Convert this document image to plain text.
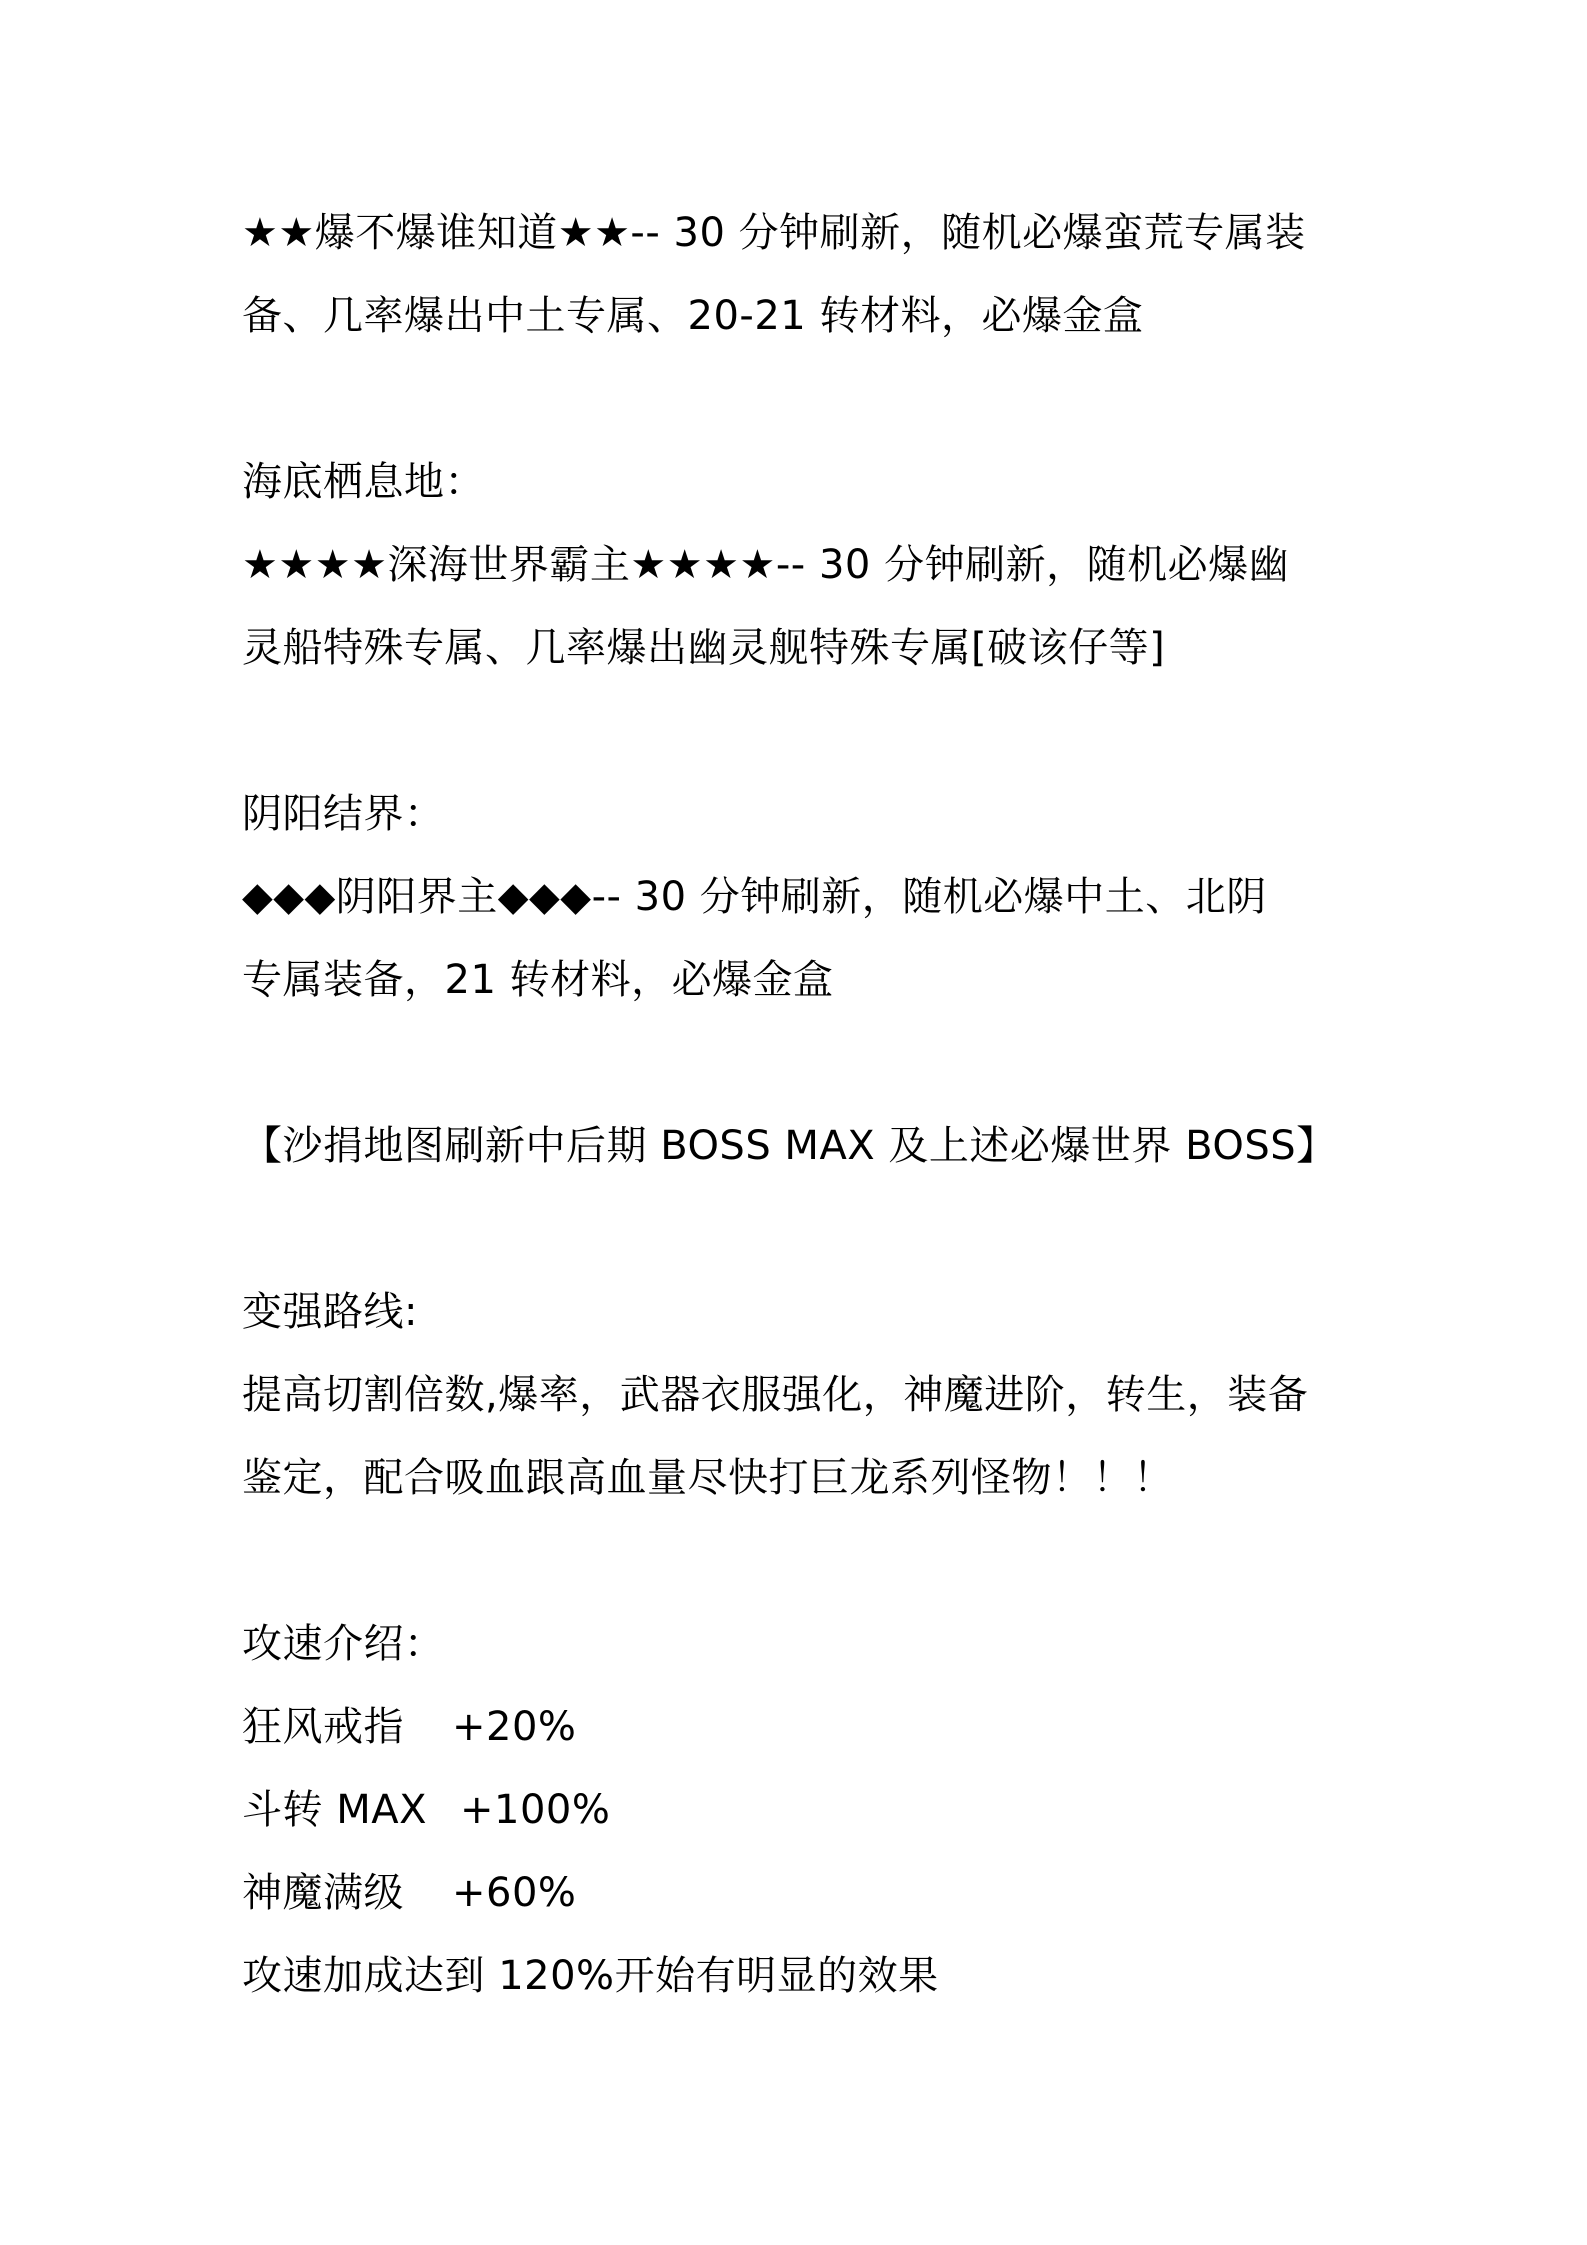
★★爆不爆谁知道★★-- 30 分钟刷新，随机必爆蛮荒专属装
备、几率爆出中土专属、20-21 转材料，必爆金盒
海底栖息地：
★★★★深海世界霸主★★★★-- 30 分钟刷新，随机必爆幽
灵船特殊专属、几率爆出幽灵舰特殊专属[破该仔等]
阴阳结界：
◆◆◆阴阳界主◆◆◆-- 30 分钟刷新，随机必爆中土、北阴
专属装备，21 转材料，必爆金盒
【沙捐地图刷新中后期 BOSS MAX 及上述必爆世界 BOSS】
变强路线:
提高切割倍数,爆率，武器衣服强化，神魔进阶，转生，装备
鉴定，配合吸血跟高血量尽快打巨龙系列怪物！！！
攻速介绍：
狂风戒指 +20%
斗转 MAX +100%
神魔满级 +60%
攻速加成达到 120%开始有明显的效果
